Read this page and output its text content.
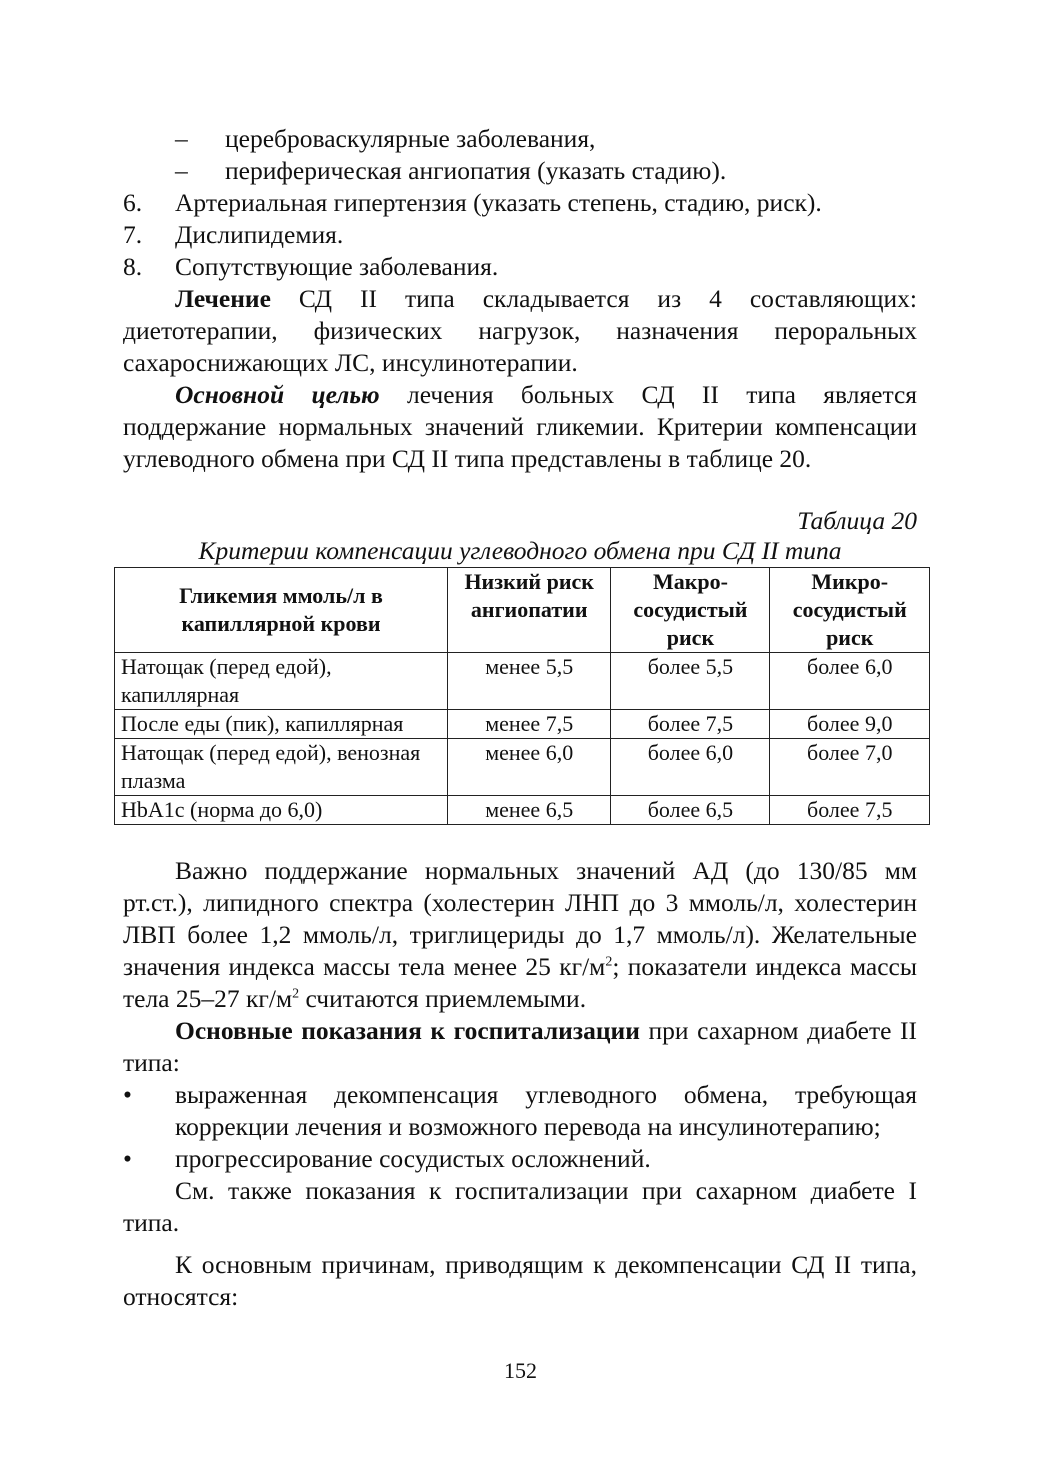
– цереброваскулярные заболевания,
– периферическая ангиопатия (указать стадию).
6. Артериальная гипертензия (указать степень, стадию, риск).
7. Дислипидемия.
8. Сопутствующие заболевания.

Лечение СД II типа складывается из 4 составляющих: диетотерапии, физических нагрузок, назначения пероральных сахароснижающих ЛС, инсулинотерапии.

Основной целью лечения больных СД II типа является поддержание нормальных значений гликемии. Критерии компенсации углеводного обмена при СД II типа представлены в таблице 20.

Таблица 20
Критерии компенсации углеводного обмена при СД II типа
Гликемия ммоль/л в капиллярной крови	Низкий риск ангиопатии	Макро-сосудистый риск	Микро-сосудистый риск
Натощак (перед едой), капиллярная	менее 5,5	более 5,5	более 6,0
После еды (пик), капиллярная	менее 7,5	более 7,5	более 9,0
Натощак (перед едой), венозная плазма	менее 6,0	более 6,0	более 7,0
HbA1c (норма до 6,0)	менее 6,5	более 6,5	более 7,5

Важно поддержание нормальных значений АД (до 130/85 мм рт.ст.), липидного спектра (холестерин ЛНП до 3 ммоль/л, холестерин ЛВП более 1,2 ммоль/л, триглицериды до 1,7 ммоль/л). Желательные значения индекса массы тела менее 25 $кг/м^2$; показатели индекса массы тела 25–27 $кг/м^2$ считаются приемлемыми.

Основные показания к госпитализации при сахарном диабете II типа:

• выраженная декомпенсация углеводного обмена, требующая коррекции лечения и возможного перевода на инсулинотерапию;
• прогрессирование сосудистых осложнений.

См. также показания к госпитализации при сахарном диабете I типа.

К основным причинам, приводящим к декомпенсации СД II типа, относятся:

152
